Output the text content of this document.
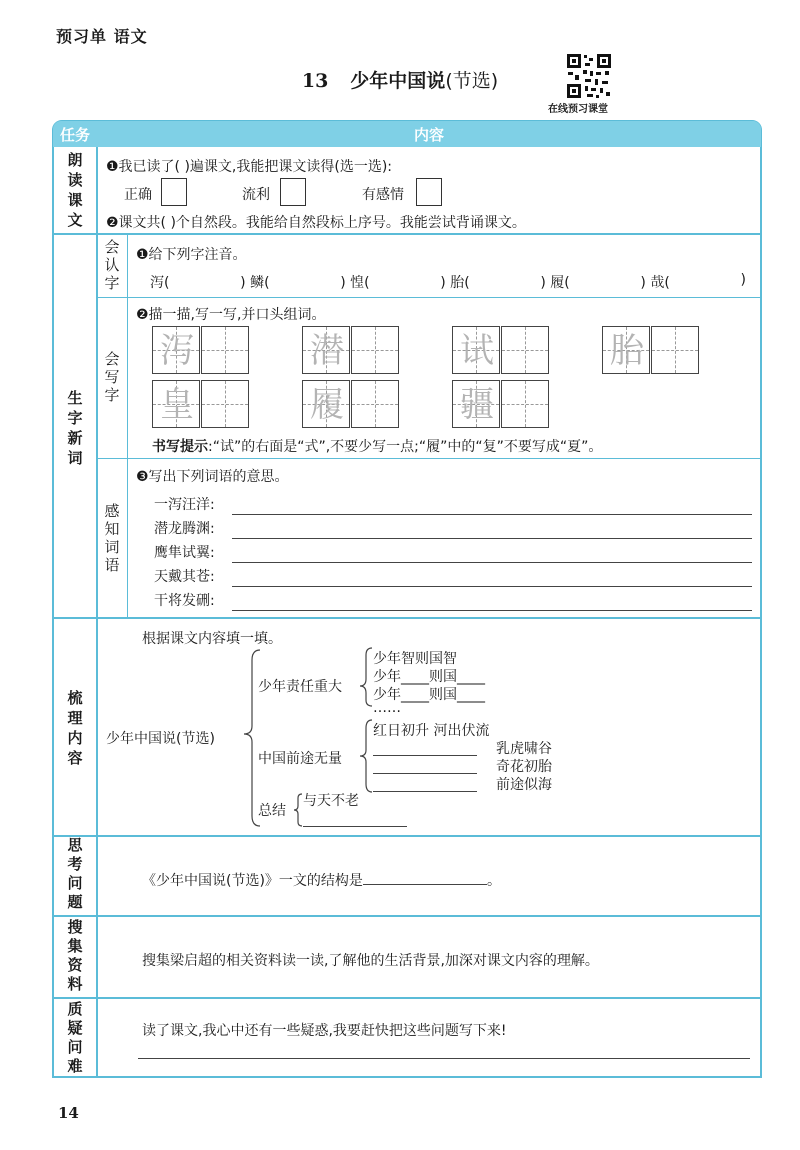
预习单 语文
13 少年中国说(节选)
在线预习课堂
任务	内容
朗读课文
❶我已读了( )遍课文,我能把课文读得(选一选):
正确	流利	有感情
❷课文共( )个自然段。我能给自然段标上序号。我能尝试背诵课文。
生字新词
会认字
❶给下列字注音。
泻(	) 鳞(	) 惶(	) 胎(	) 履(	) 哉(	)
会写字
❷描一描,写一写,并口头组词。
泻	潜	试	胎
皇	履	疆
书写提示:“试”的右面是“式”,不要少写一点;“履”中的“复”不要写成“夏”。
感知词语
❸写出下列词语的意思。
一泻汪洋:
潜龙腾渊:
鹰隼试翼:
天戴其苍:
干将发硎:
梳理内容
根据课文内容填一填。
少年中国说(节选)
少年责任重大
少年智则国智
少年____则国____
少年____则国____
……
中国前途无量
红日初升 河出伏流
乳虎啸谷
奇花初胎
前途似海
总结
与天不老
思考问题
《少年中国说(节选)》一文的结构是	。
搜集资料
搜集梁启超的相关资料读一读,了解他的生活背景,加深对课文内容的理解。
质疑问难
读了课文,我心中还有一些疑惑,我要赶快把这些问题写下来!
14
